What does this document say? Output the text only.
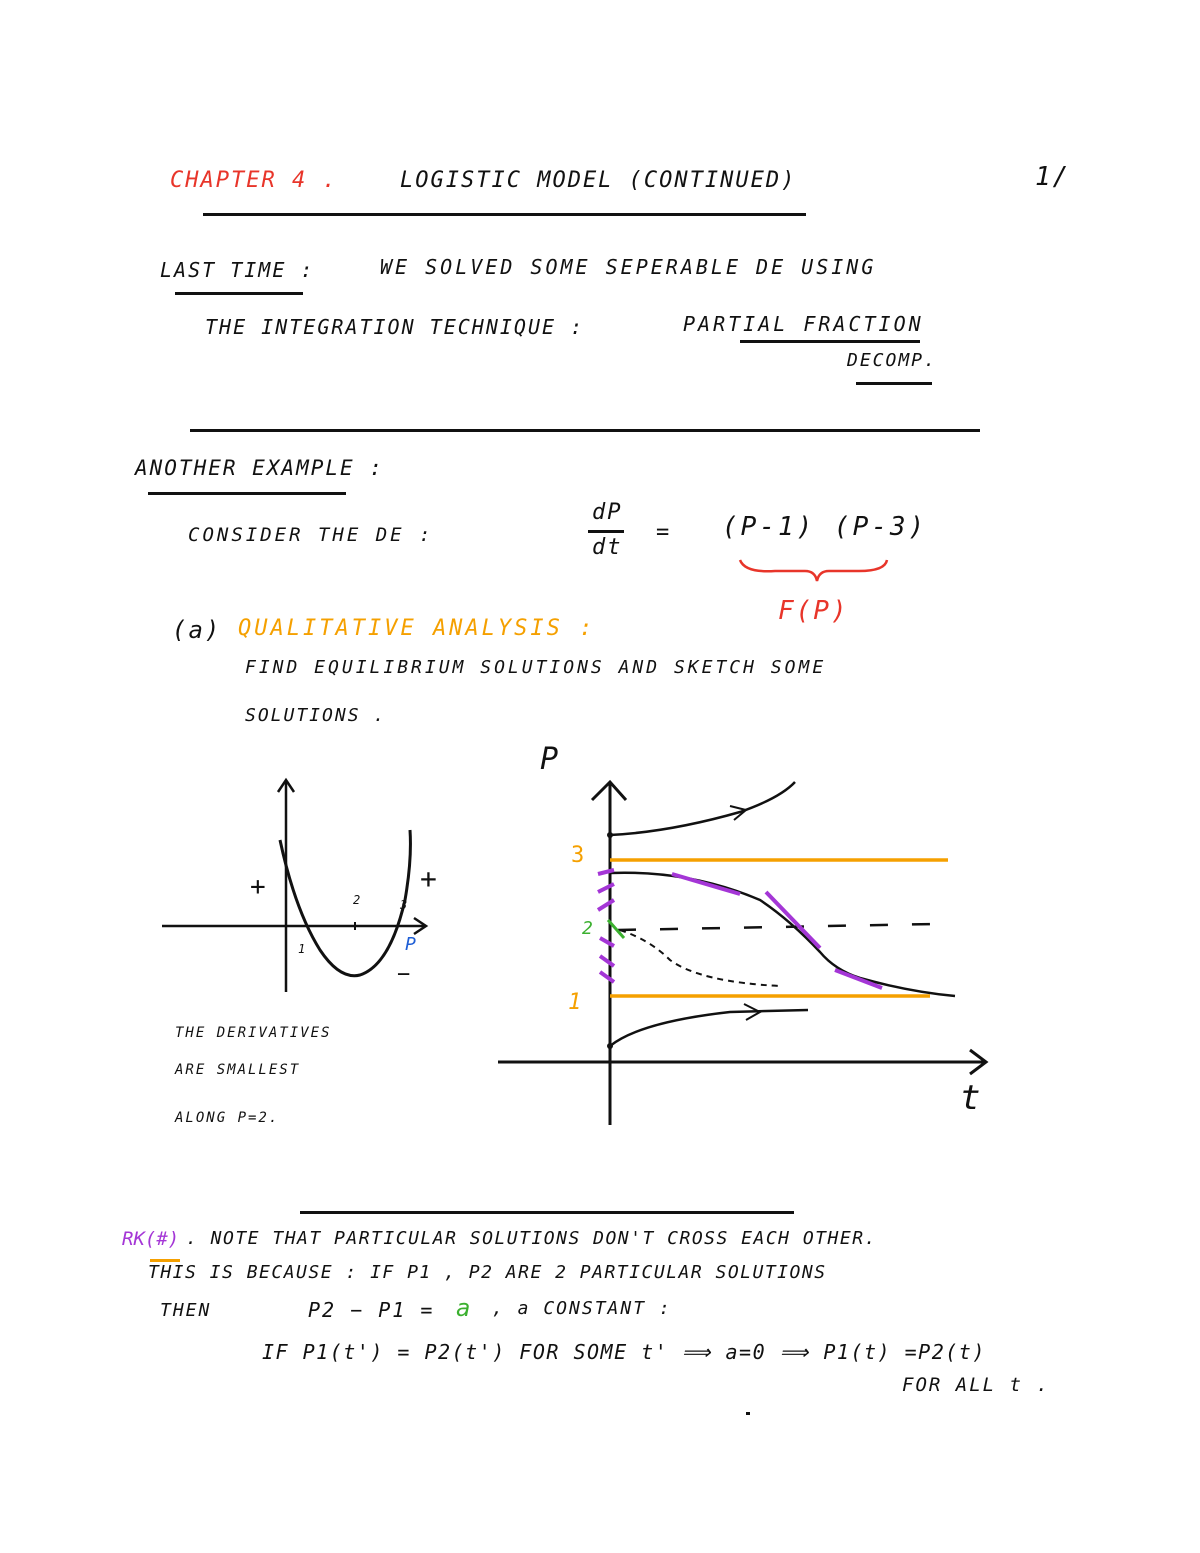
CHAPTER 4 .	LOGISTIC MODEL (CONTINUED)	1/
LAST TIME :	WE SOLVED SOME SEPERABLE DE USING
THE INTEGRATION TECHNIQUE :	PARTIAL FRACTION
DECOMP.
ANOTHER EXAMPLE :
CONSIDER THE DE :
dP
dt
= (P-1) (P-3)
F(P)
(a) QUALITATIVE ANALYSIS :
FIND EQUILIBRIUM SOLUTIONS AND SKETCH SOME
SOLUTIONS .
+	+
−
1
2	3
P
THE DERIVATIVES
ARE SMALLEST
ALONG P=2.
P
t
3
2
1
RK(#) . NOTE THAT PARTICULAR SOLUTIONS DON'T CROSS EACH OTHER.
THIS IS BECAUSE : IF P1 , P2 ARE 2 PARTICULAR SOLUTIONS
THEN	P2 − P1 = a , a CONSTANT :
IF P1(t') = P2(t') FOR SOME t' ⟹ a=0 ⟹ P1(t) =P2(t)
FOR ALL t .
